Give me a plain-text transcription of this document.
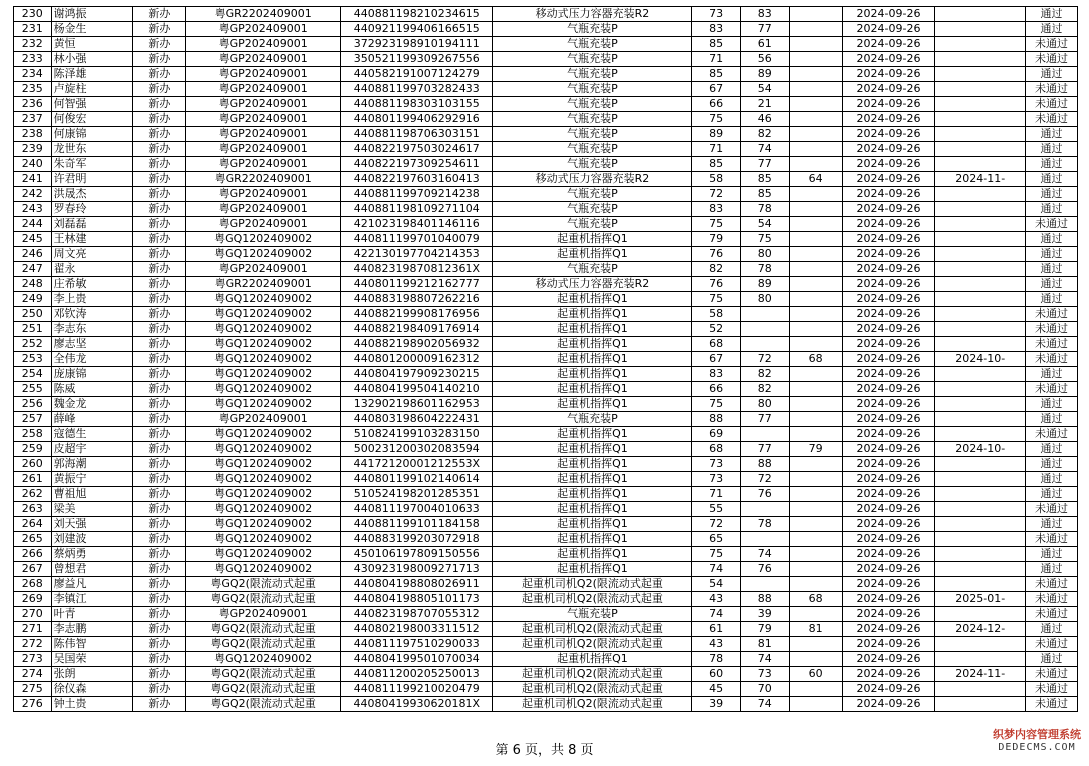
230	谢鸿振	新办	粤GR2202409001	440881198210234615	移动式压力容器充装R2	73	83		2024-09-26		通过
231	杨金生	新办	粤GP202409001	440921199406166515	气瓶充装P	83	77		2024-09-26		通过
232	黄恒	新办	粤GP202409001	372923198910194111	气瓶充装P	85	61		2024-09-26		未通过
233	林小强	新办	粤GP202409001	350521199309267556	气瓶充装P	71	56		2024-09-26		未通过
234	陈泽雄	新办	粤GP202409001	440582191007124279	气瓶充装P	85	89		2024-09-26		通过
235	卢旋柱	新办	粤GP202409001	440881199703282433	气瓶充装P	67	54		2024-09-26		未通过
236	何智强	新办	粤GP202409001	440881198303103155	气瓶充装P	66	21		2024-09-26		未通过
237	何俊宏	新办	粤GP202409001	440801199406292916	气瓶充装P	75	46		2024-09-26		未通过
238	何康锦	新办	粤GP202409001	440881198706303151	气瓶充装P	89	82		2024-09-26		通过
239	龙世东	新办	粤GP202409001	440822197503024617	气瓶充装P	71	74		2024-09-26		通过
240	朱奇军	新办	粤GP202409001	440822197309254611	气瓶充装P	85	77		2024-09-26		通过
241	许君明	新办	粤GR2202409001	440822197603160413	移动式压力容器充装R2	58	85	64	2024-09-26	2024-11-	通过
242	洪晟杰	新办	粤GP202409001	440881199709214238	气瓶充装P	72	85		2024-09-26		通过
243	罗春玲	新办	粤GP202409001	440881198109271104	气瓶充装P	83	78		2024-09-26		通过
244	刘磊磊	新办	粤GP202409001	421023198401146116	气瓶充装P	75	54		2024-09-26		未通过
245	王林建	新办	粤GQ1202409002	440811199701040079	起重机指挥Q1	79	75		2024-09-26		通过
246	周文亮	新办	粤GQ1202409002	422130197704214353	起重机指挥Q1	76	80		2024-09-26		通过
247	翟永	新办	粤GP202409001	44082319870812361X	气瓶充装P	82	78		2024-09-26		通过
248	庄希敏	新办	粤GR2202409001	440801199212162777	移动式压力容器充装R2	76	89		2024-09-26		通过
249	李上贵	新办	粤GQ1202409002	440883198807262216	起重机指挥Q1	75	80		2024-09-26		通过
250	邓钦涛	新办	粤GQ1202409002	440882199908176956	起重机指挥Q1	58			2024-09-26		未通过
251	李志东	新办	粤GQ1202409002	440882198409176914	起重机指挥Q1	52			2024-09-26		未通过
252	廖志坚	新办	粤GQ1202409002	440882198902056932	起重机指挥Q1	68			2024-09-26		未通过
253	全伟龙	新办	粤GQ1202409002	440801200009162312	起重机指挥Q1	67	72	68	2024-09-26	2024-10-	未通过
254	庞康锦	新办	粤GQ1202409002	440804197909230215	起重机指挥Q1	83	82		2024-09-26		通过
255	陈威	新办	粤GQ1202409002	440804199504140210	起重机指挥Q1	66	82		2024-09-26		未通过
256	魏金龙	新办	粤GQ1202409002	132902198601162953	起重机指挥Q1	75	80		2024-09-26		通过
257	薛峰	新办	粤GP202409001	440803198604222431	气瓶充装P	88	77		2024-09-26		通过
258	寇德生	新办	粤GQ1202409002	510824199103283150	起重机指挥Q1	69			2024-09-26		未通过
259	皮超宇	新办	粤GQ1202409002	500231200302083594	起重机指挥Q1	68	77	79	2024-09-26	2024-10-	通过
260	郭海潮	新办	粤GQ1202409002	44172120001212553X	起重机指挥Q1	73	88		2024-09-26		通过
261	黄振宁	新办	粤GQ1202409002	440801199102140614	起重机指挥Q1	73	72		2024-09-26		通过
262	曹祖旭	新办	粤GQ1202409002	510524198201285351	起重机指挥Q1	71	76		2024-09-26		通过
263	梁美	新办	粤GQ1202409002	440811197004010633	起重机指挥Q1	55			2024-09-26		未通过
264	刘天强	新办	粤GQ1202409002	440881199101184158	起重机指挥Q1	72	78		2024-09-26		通过
265	刘建波	新办	粤GQ1202409002	440883199203072918	起重机指挥Q1	65			2024-09-26		未通过
266	蔡炳勇	新办	粤GQ1202409002	450106197809150556	起重机指挥Q1	75	74		2024-09-26		通过
267	曾想君	新办	粤GQ1202409002	430923198009271713	起重机指挥Q1	74	76		2024-09-26		通过
268	廖益凡	新办	粤GQ2(限流动式起重	440804198808026911	起重机司机Q2(限流动式起重	54			2024-09-26		未通过
269	李镇江	新办	粤GQ2(限流动式起重	440804198805101173	起重机司机Q2(限流动式起重	43	88	68	2024-09-26	2025-01-	未通过
270	叶青	新办	粤GP202409001	440823198707055312	气瓶充装P	74	39		2024-09-26		未通过
271	李志鹏	新办	粤GQ2(限流动式起重	440802198003311512	起重机司机Q2(限流动式起重	61	79	81	2024-09-26	2024-12-	通过
272	陈伟智	新办	粤GQ2(限流动式起重	440811197510290033	起重机司机Q2(限流动式起重	43	81		2024-09-26		未通过
273	吴国荣	新办	粤GQ1202409002	440804199501070034	起重机指挥Q1	78	74		2024-09-26		通过
274	张朗	新办	粤GQ2(限流动式起重	440811200205250013	起重机司机Q2(限流动式起重	60	73	60	2024-09-26	2024-11-	未通过
275	徐仪森	新办	粤GQ2(限流动式起重	440811199210020479	起重机司机Q2(限流动式起重	45	70		2024-09-26		未通过
276	钟土贵	新办	粤GQ2(限流动式起重	44080419930620181X	起重机司机Q2(限流动式起重	39	74		2024-09-26		未通过
第 6 页，共 8 页
织梦内容管理系统
DEDECMS.COM
